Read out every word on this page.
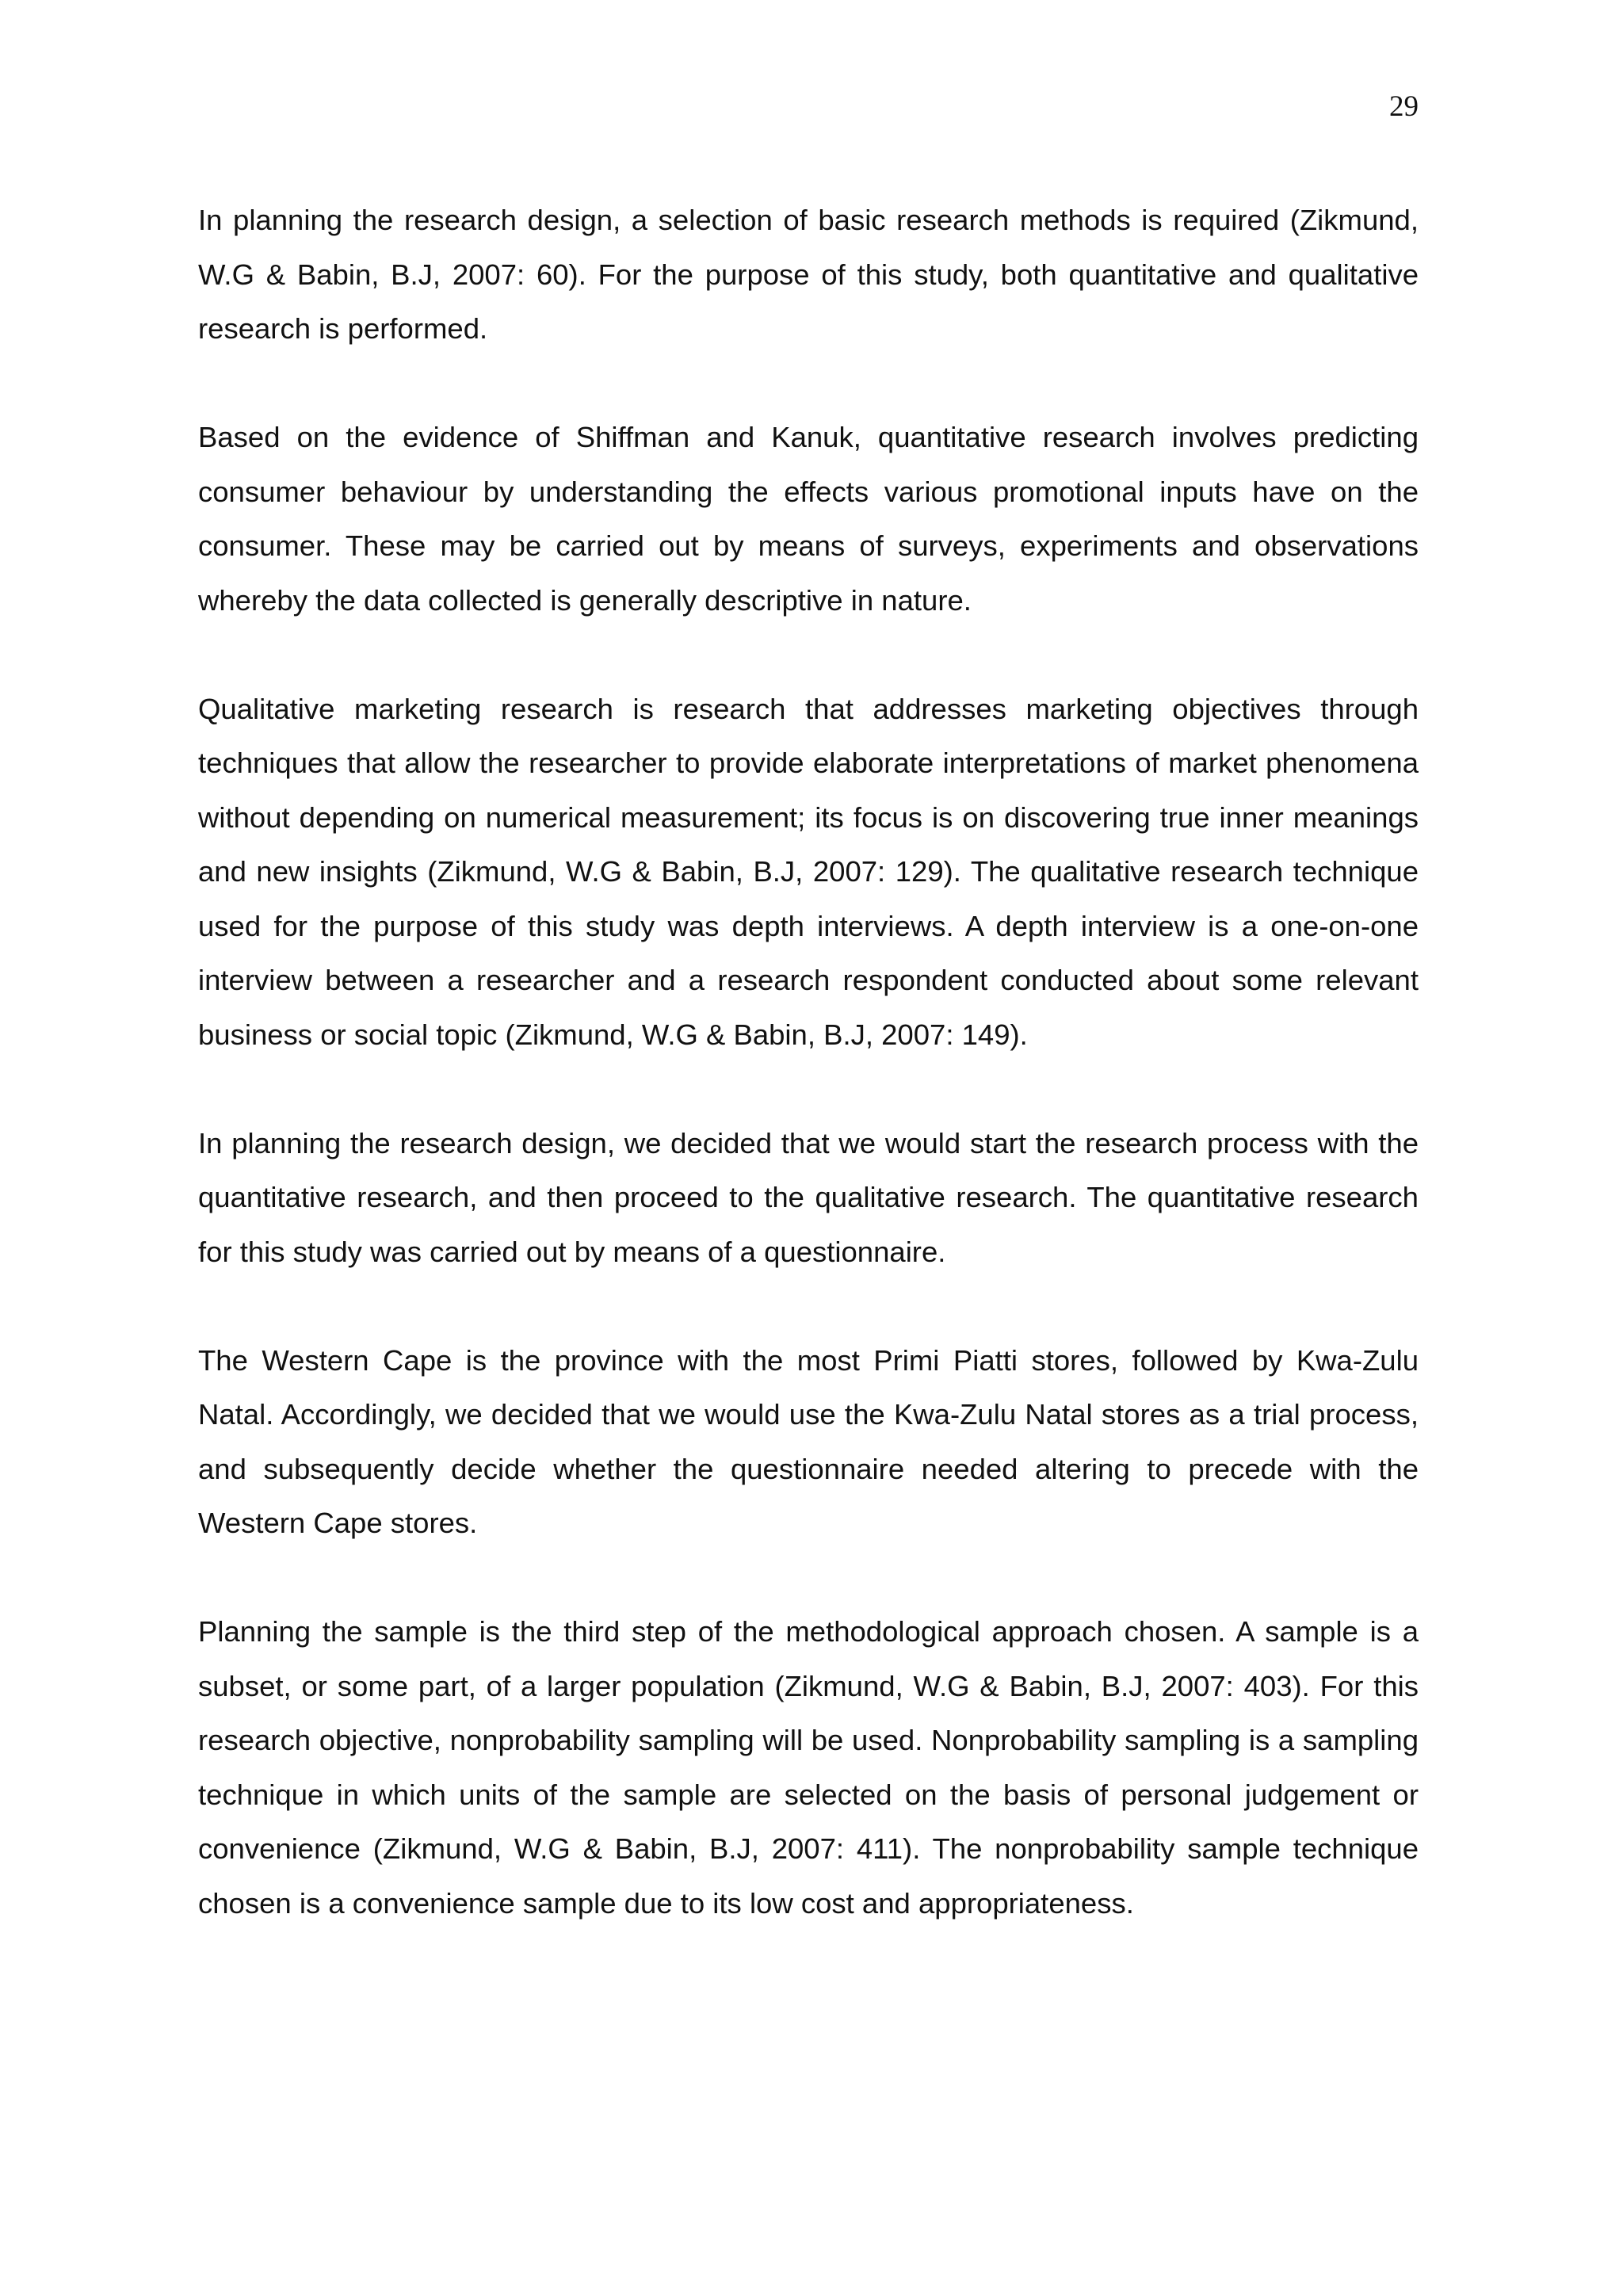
29

In planning the research design, a selection of basic research methods is required (Zikmund, W.G & Babin, B.J, 2007: 60). For the purpose of this study, both quantitative and qualitative research is performed.

Based on the evidence of Shiffman and Kanuk, quantitative research involves predicting consumer behaviour by understanding the effects various promotional inputs have on the consumer. These may be carried out by means of surveys, experiments and observations whereby the data collected is generally descriptive in nature.

Qualitative marketing research is research that addresses marketing objectives through techniques that allow the researcher to provide elaborate interpretations of market phenomena without depending on numerical measurement; its focus is on discovering true inner meanings and new insights (Zikmund, W.G & Babin, B.J, 2007: 129). The qualitative research technique used for the purpose of this study was depth interviews. A depth interview is a one-on-one interview between a researcher and a research respondent conducted about some relevant business or social topic (Zikmund, W.G & Babin, B.J, 2007: 149).

In planning the research design, we decided that we would start the research process with the quantitative research, and then proceed to the qualitative research. The quantitative research for this study was carried out by means of a questionnaire.

The Western Cape is the province with the most Primi Piatti stores, followed by Kwa-Zulu Natal. Accordingly, we decided that we would use the Kwa-Zulu Natal stores as a trial process, and subsequently decide whether the questionnaire needed altering to precede with the Western Cape stores.

Planning the sample is the third step of the methodological approach chosen. A sample is a subset, or some part, of a larger population (Zikmund, W.G & Babin, B.J, 2007: 403). For this research objective, nonprobability sampling will be used. Nonprobability sampling is a sampling technique in which units of the sample are selected on the basis of personal judgement or convenience (Zikmund, W.G & Babin, B.J, 2007: 411). The nonprobability sample technique chosen is a convenience sample due to its low cost and appropriateness.
